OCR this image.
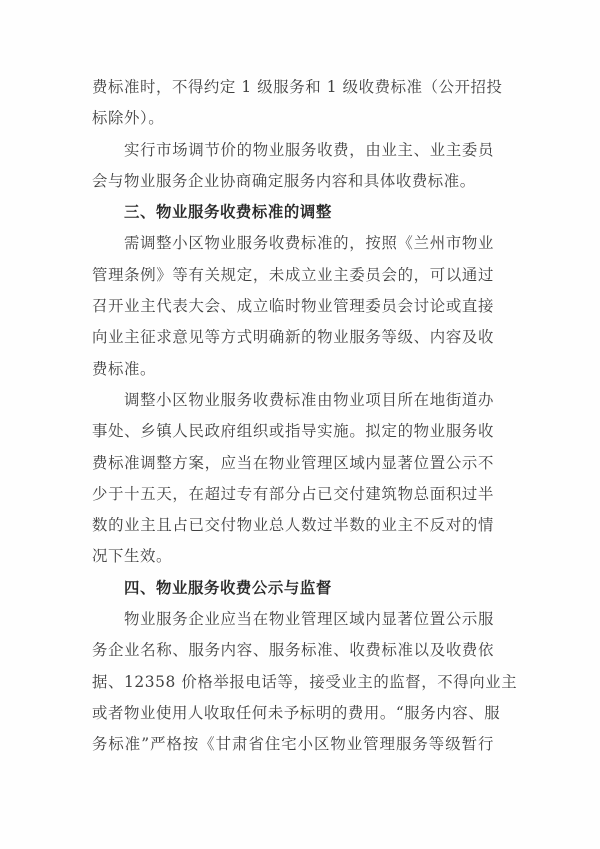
费标准时，不得约定 1 级服务和 1 级收费标准（公开招投
标除外）。
实行市场调节价的物业服务收费，由业主、业主委员
会与物业服务企业协商确定服务内容和具体收费标准。
三、物业服务收费标准的调整
需调整小区物业服务收费标准的，按照《兰州市物业
管理条例》等有关规定，未成立业主委员会的，可以通过
召开业主代表大会、成立临时物业管理委员会讨论或直接
向业主征求意见等方式明确新的物业服务等级、内容及收
费标准。
调整小区物业服务收费标准由物业项目所在地街道办
事处、乡镇人民政府组织或指导实施。拟定的物业服务收
费标准调整方案，应当在物业管理区域内显著位置公示不
少于十五天，在超过专有部分占已交付建筑物总面积过半
数的业主且占已交付物业总人数过半数的业主不反对的情
况下生效。
四、物业服务收费公示与监督
物业服务企业应当在物业管理区域内显著位置公示服
务企业名称、服务内容、服务标准、收费标准以及收费依
据、12358 价格举报电话等，接受业主的监督，不得向业主
或者物业使用人收取任何未予标明的费用。“服务内容、服
务标准”严格按《甘肃省住宅小区物业管理服务等级暂行
